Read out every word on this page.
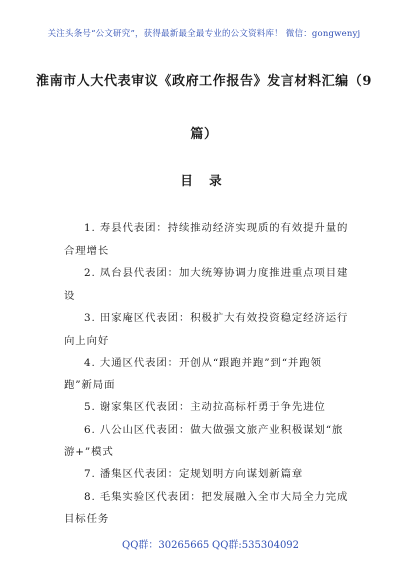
关注头条号“公文研究”，获得最新最全最专业的公文资料库！ 微信：gongwenyj
淮南市人大代表审议《政府工作报告》发言材料汇编（9
篇）
目 录
1. 寿县代表团：持续推动经济实现质的有效提升量的
合理增长
2. 凤台县代表团：加大统筹协调力度推进重点项目建
设
3. 田家庵区代表团：积极扩大有效投资稳定经济运行
向上向好
4. 大通区代表团：开创从“跟跑并跑”到“并跑领
跑”新局面
5. 谢家集区代表团：主动拉高标杆勇于争先进位
6. 八公山区代表团：做大做强文旅产业积极谋划“旅
游+”模式
7. 潘集区代表团：定规划明方向谋划新篇章
8. 毛集实验区代表团：把发展融入全市大局全力完成
目标任务
QQ群：30265665 QQ群:535304092
